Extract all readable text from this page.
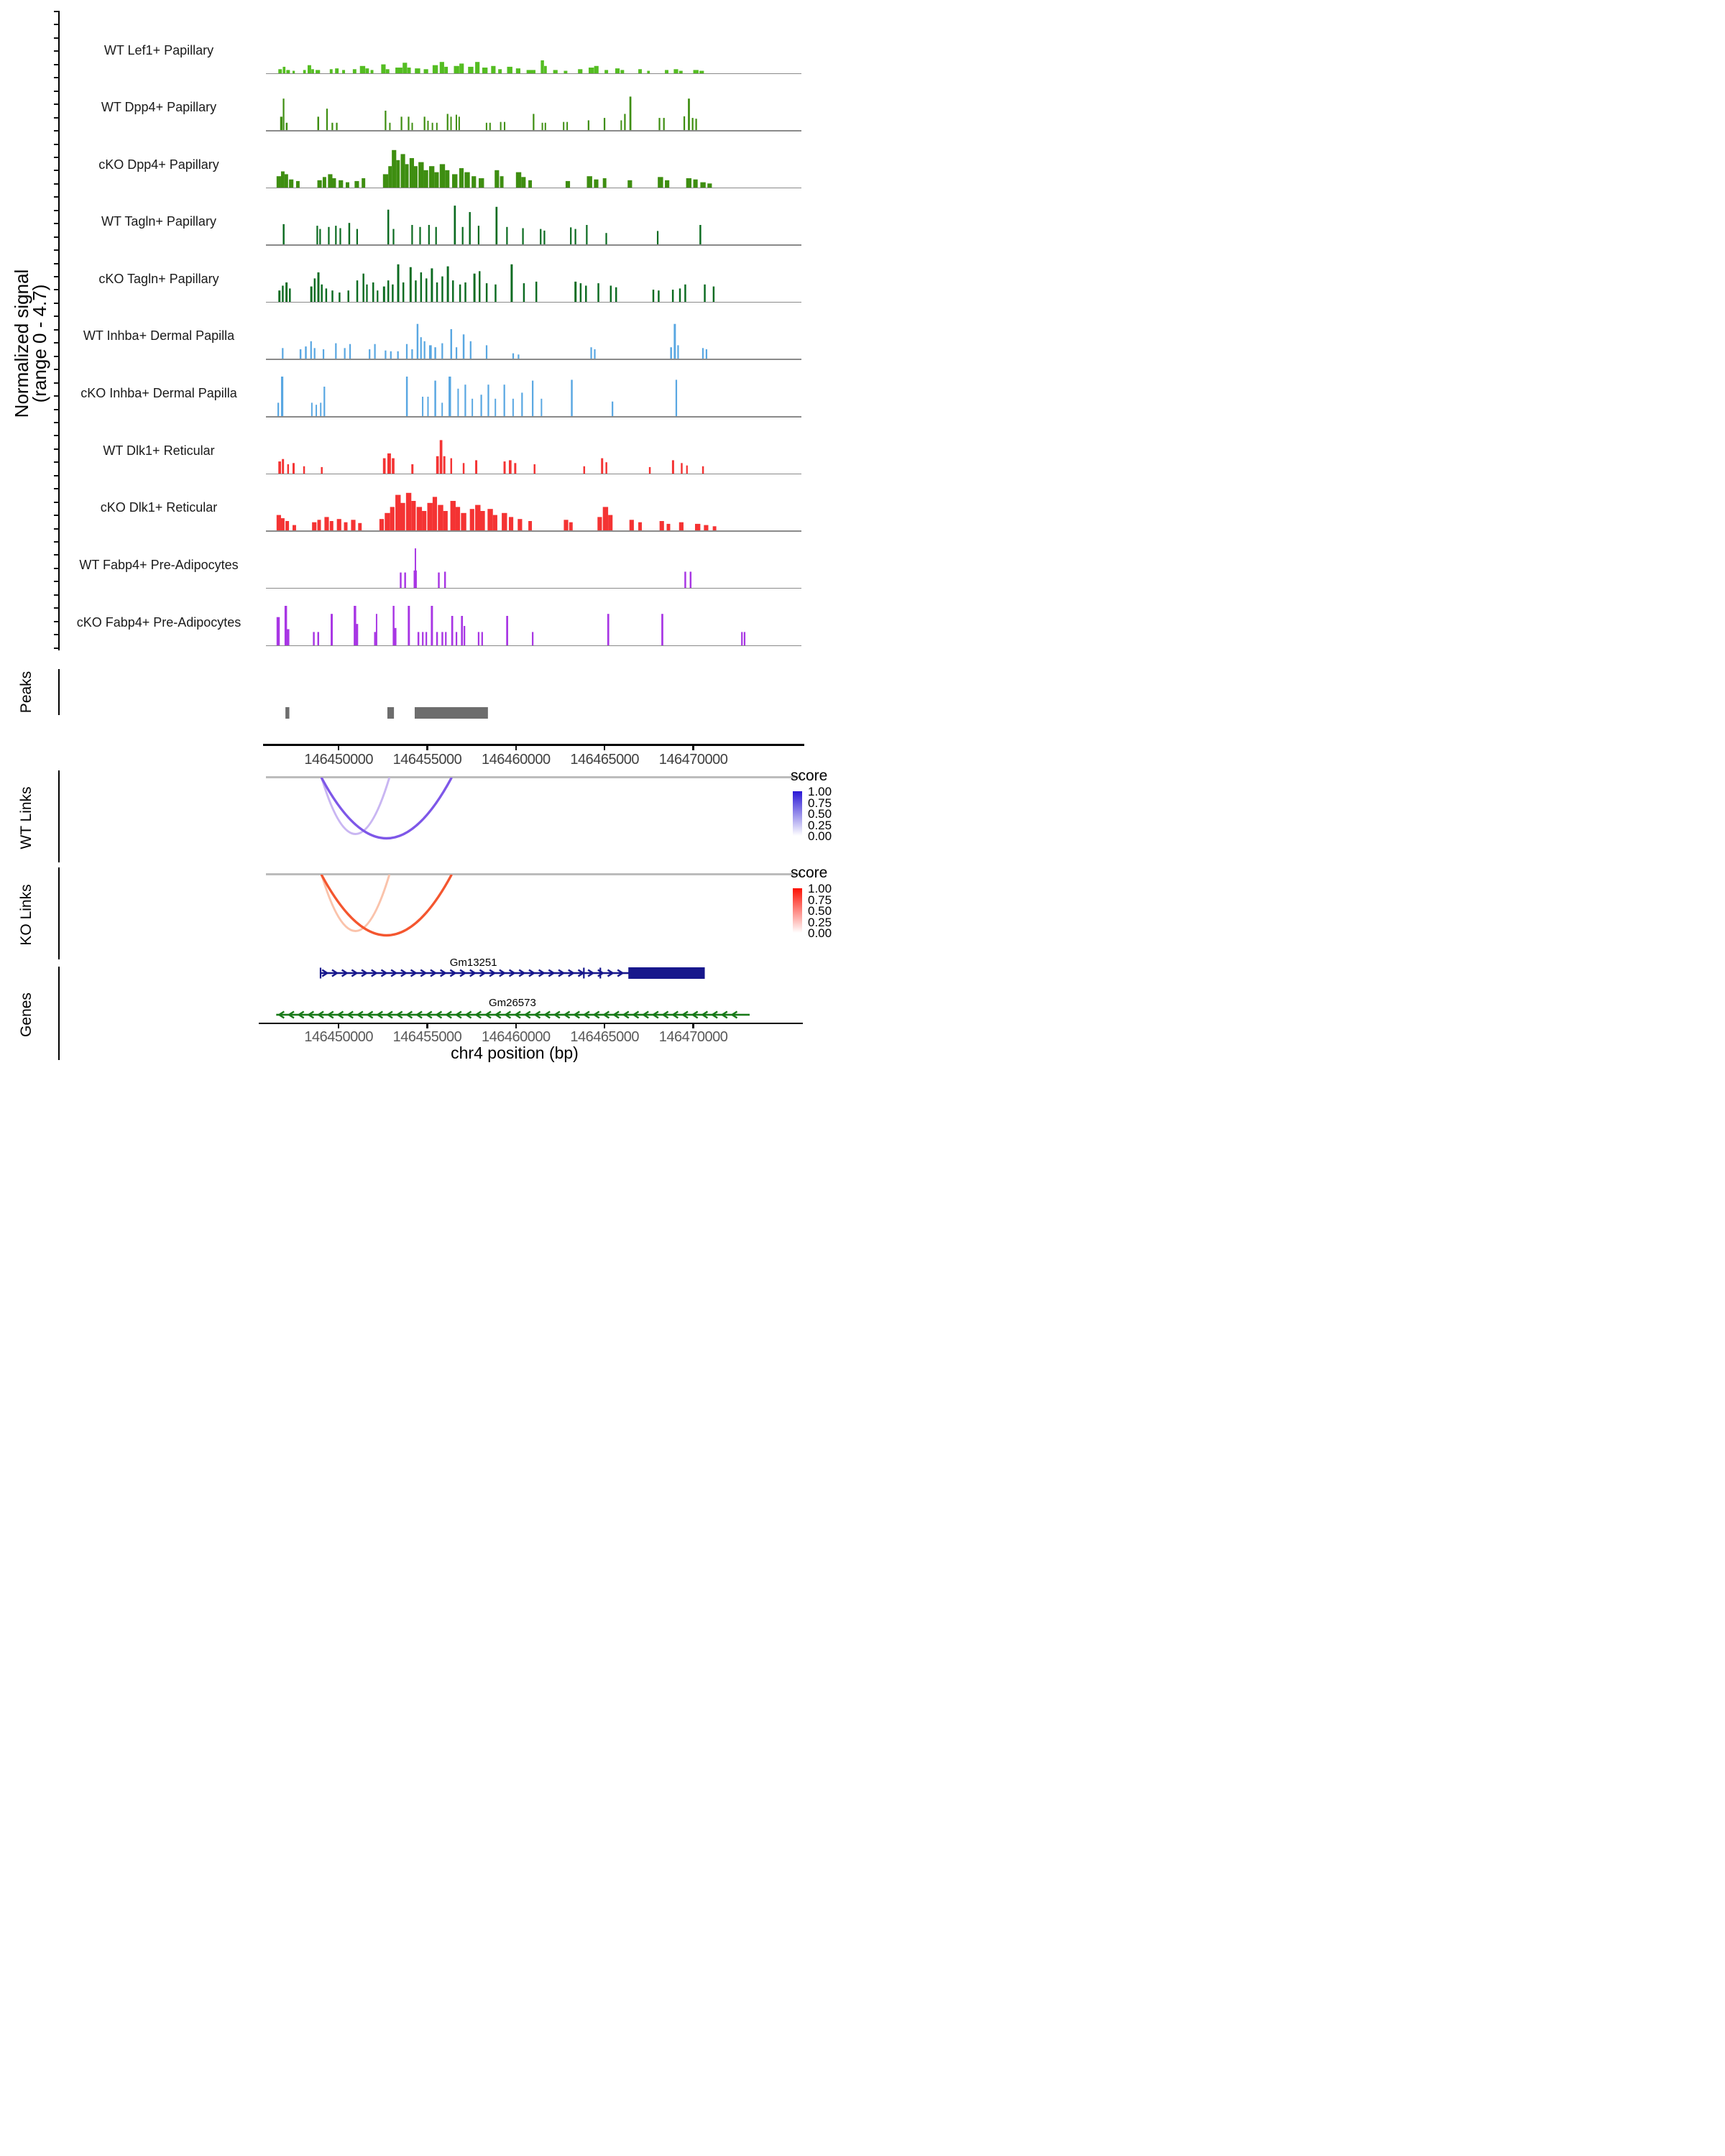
Normalized signal
(range 0 - 4.7)
WT Lef1+ Papillary
WT Dpp4+ Papillary
cKO Dpp4+ Papillary
WT Tagln+ Papillary
cKO Tagln+ Papillary
WT Inhba+ Dermal Papilla
cKO Inhba+ Dermal Papilla
WT Dlk1+ Reticular
cKO Dlk1+ Reticular
WT Fabp4+ Pre-Adipocytes
cKO Fabp4+ Pre-Adipocytes
Peaks
146450000	146455000	146460000	146465000	146470000
WT Links
score
1.00
0.75
0.50
0.25
0.00
KO Links
score
1.00
0.75
0.50
0.25
0.00
Genes
Gm13251
Gm26573
146450000	146455000	146460000	146465000	146470000
chr4 position (bp)
